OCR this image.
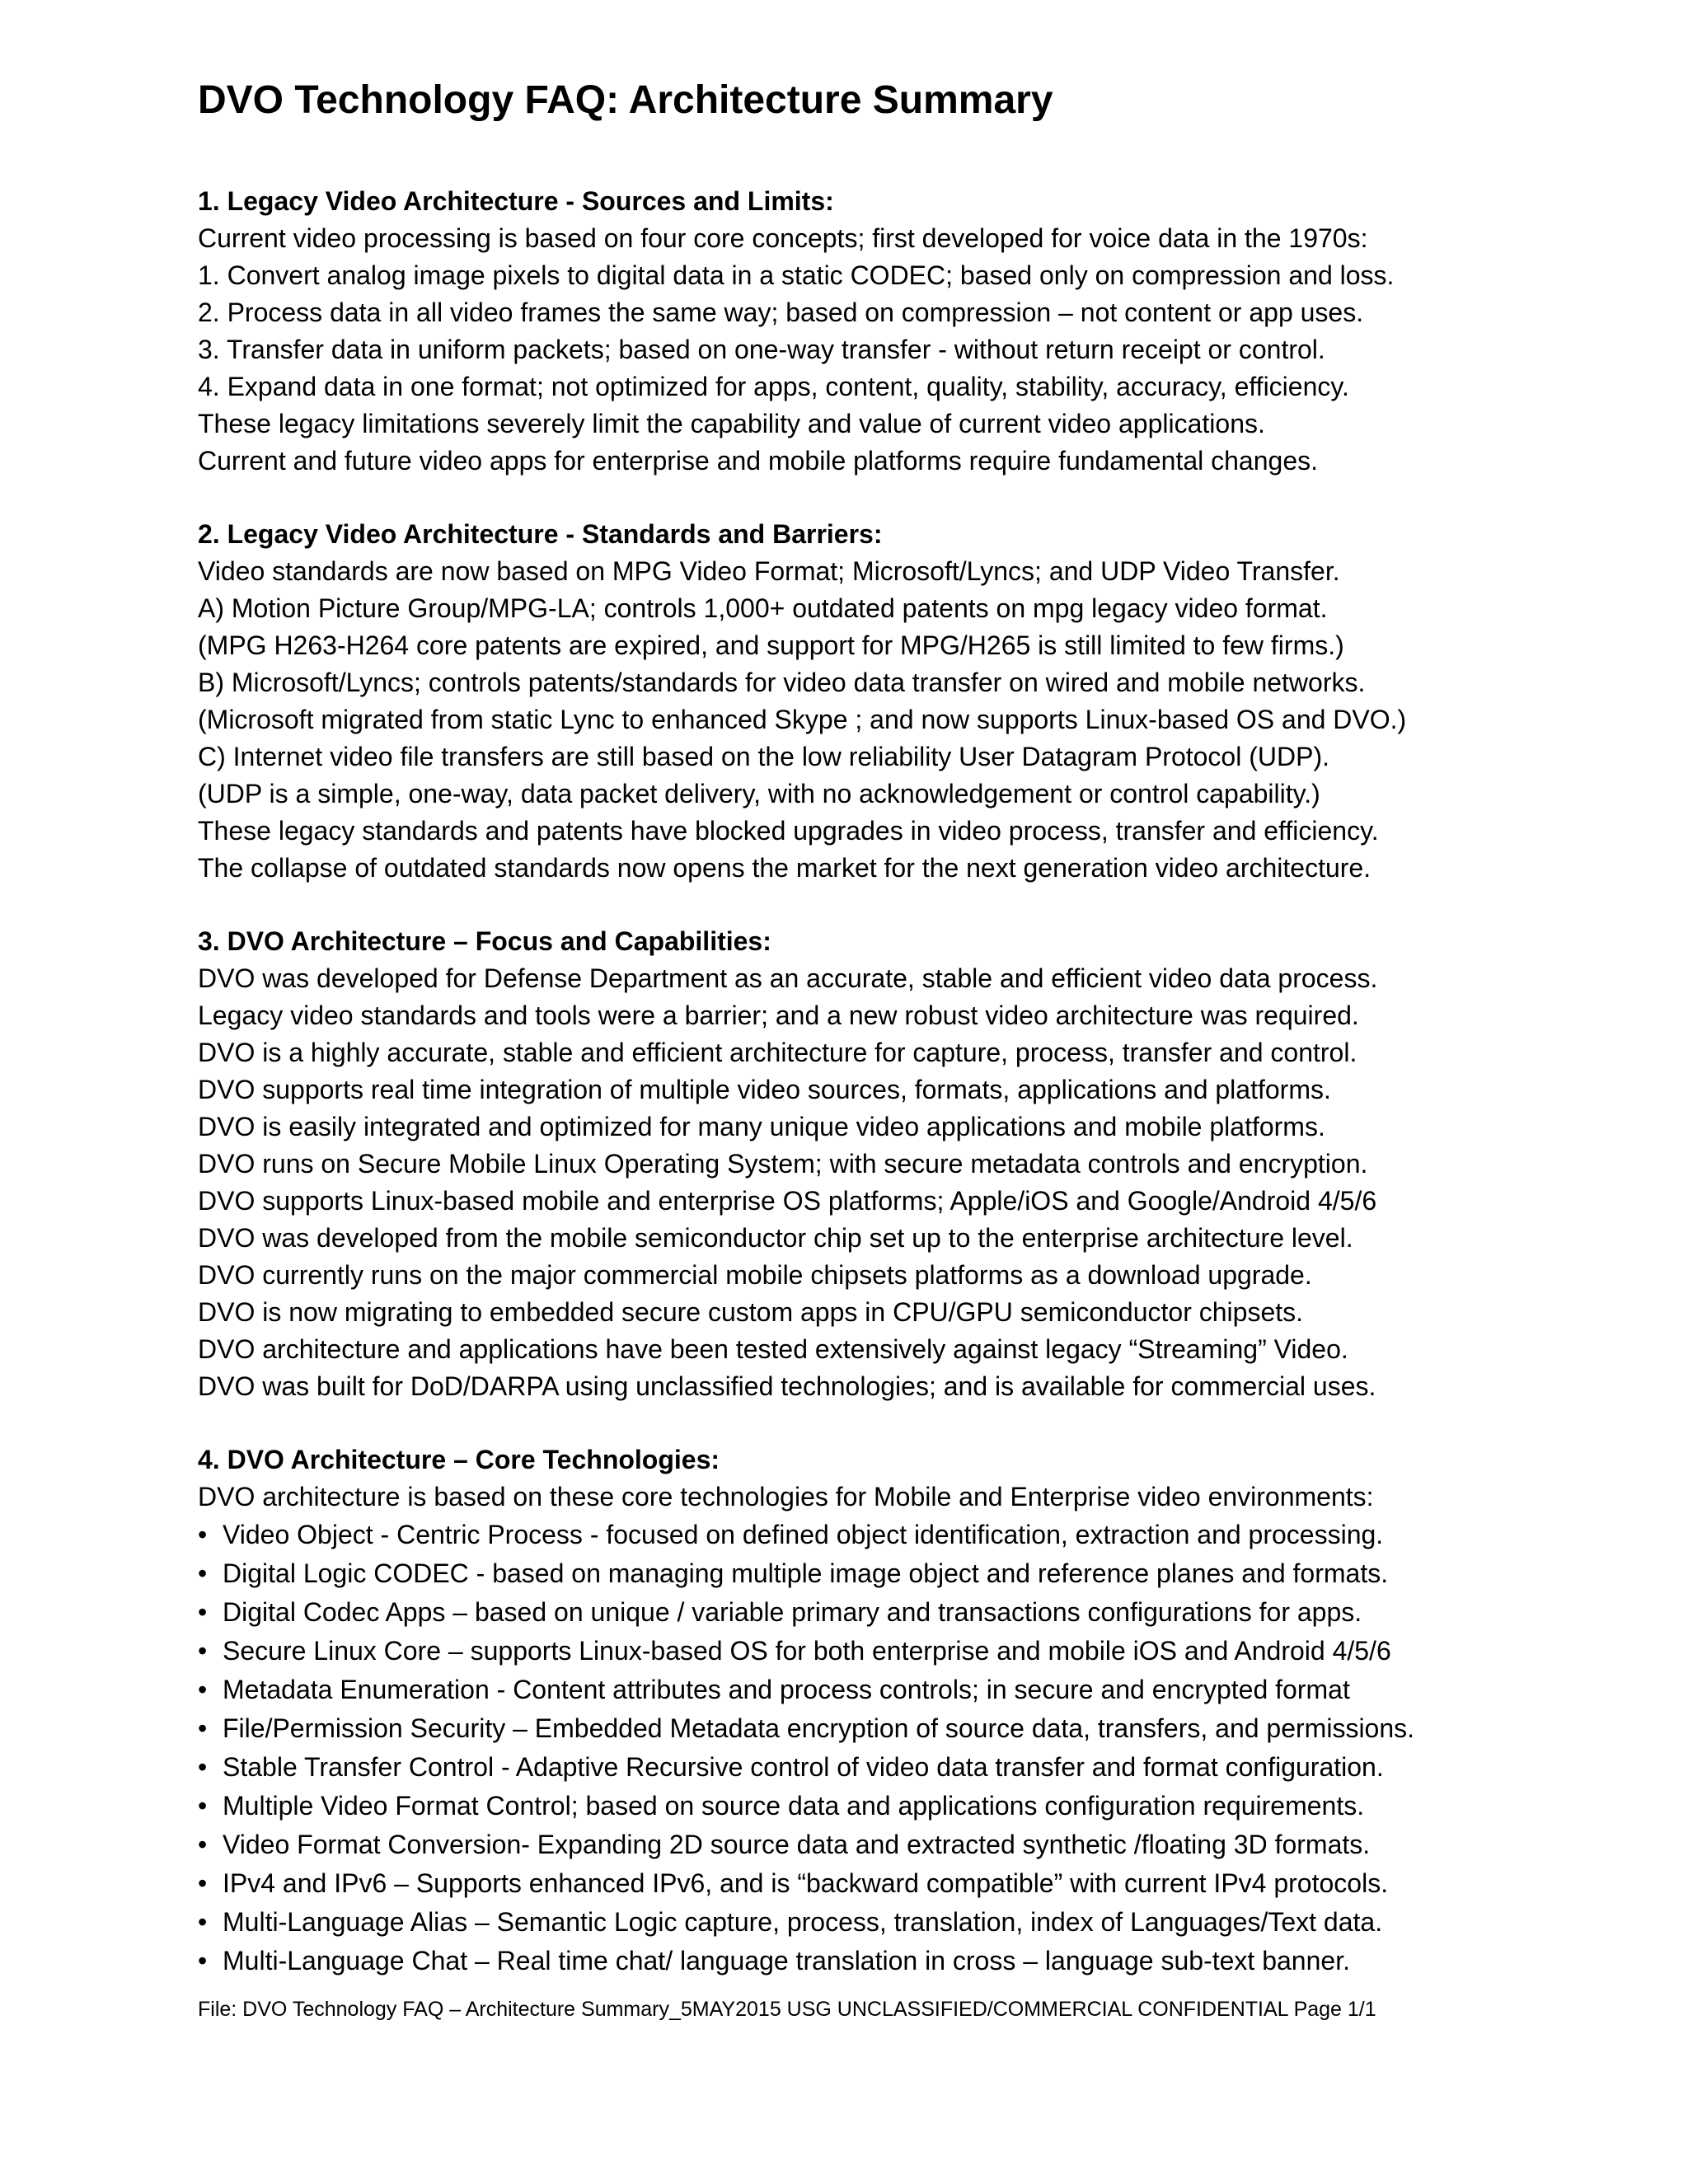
DVO Technology FAQ: Architecture Summary
1. Legacy Video Architecture - Sources and Limits:
Current video processing is based on four core concepts; first developed for voice data in the 1970s:
1. Convert analog image pixels to digital data in a static CODEC; based only on compression and loss.
2. Process data in all video frames the same way; based on compression – not content or app uses.
3. Transfer data in uniform packets; based on one-way transfer - without return receipt or control.
4. Expand data in one format; not optimized for apps, content, quality, stability, accuracy, efficiency.
These legacy limitations severely limit the capability and value of current video applications.
Current and future video apps for enterprise and mobile platforms require fundamental changes.
2. Legacy Video Architecture - Standards and Barriers:
Video standards are now based on MPG Video Format; Microsoft/Lyncs; and UDP Video Transfer.
A) Motion Picture Group/MPG-LA; controls 1,000+ outdated patents on mpg legacy video format.
(MPG H263-H264 core patents are expired, and support for MPG/H265 is still limited to few firms.)
B) Microsoft/Lyncs; controls patents/standards for video data transfer on wired and mobile networks.
(Microsoft migrated from static Lync to enhanced Skype ; and now supports Linux-based OS and DVO.)
C) Internet video file transfers are still based on the low reliability User Datagram Protocol (UDP).
(UDP is a simple, one-way, data packet delivery, with no acknowledgement or control capability.)
These legacy standards and patents have blocked upgrades in video process, transfer and efficiency.
The collapse of outdated standards now opens the market for the next generation video architecture.
3. DVO Architecture – Focus and Capabilities:
DVO was developed for Defense Department as an accurate, stable and efficient video data process.
Legacy video standards and tools were a barrier; and a new robust video architecture was required.
DVO is a highly accurate, stable and efficient architecture for capture, process, transfer and control.
DVO supports real time integration of multiple video sources, formats, applications and platforms.
DVO is easily integrated and optimized for many unique video applications and mobile platforms.
DVO runs on Secure Mobile Linux Operating System; with secure metadata controls and encryption.
DVO supports Linux-based mobile and enterprise OS platforms; Apple/iOS and Google/Android 4/5/6
DVO was developed from the mobile semiconductor chip set up to the enterprise architecture level.
DVO currently runs on the major commercial mobile chipsets platforms as a download upgrade.
DVO is now migrating to embedded secure custom apps in CPU/GPU semiconductor chipsets.
DVO architecture and applications have been tested extensively against legacy “Streaming” Video.
DVO was built for DoD/DARPA using unclassified technologies; and is available for commercial uses.
4. DVO Architecture – Core Technologies:
DVO architecture is based on these core technologies for Mobile and Enterprise video environments:
• Video Object - Centric Process - focused on defined object identification, extraction and processing.
• Digital Logic CODEC - based on managing multiple image object and reference planes and formats.
• Digital Codec Apps – based on unique / variable primary and transactions configurations for apps.
• Secure Linux Core – supports Linux-based OS for both enterprise and mobile iOS and Android 4/5/6
• Metadata Enumeration - Content attributes and process controls; in secure and encrypted format
• File/Permission Security – Embedded Metadata encryption of source data, transfers, and permissions.
• Stable Transfer Control - Adaptive Recursive control of video data transfer and format configuration.
• Multiple Video Format Control; based on source data and applications configuration requirements.
• Video Format Conversion- Expanding 2D source data and extracted synthetic /floating 3D formats.
• IPv4 and IPv6 – Supports enhanced IPv6, and is “backward compatible” with current IPv4 protocols.
• Multi-Language Alias – Semantic Logic capture, process, translation, index of Languages/Text data.
• Multi-Language Chat – Real time chat/ language translation in cross – language sub-text banner.
File: DVO Technology FAQ – Architecture Summary_5MAY2015 USG UNCLASSIFIED/COMMERCIAL CONFIDENTIAL Page 1/1
